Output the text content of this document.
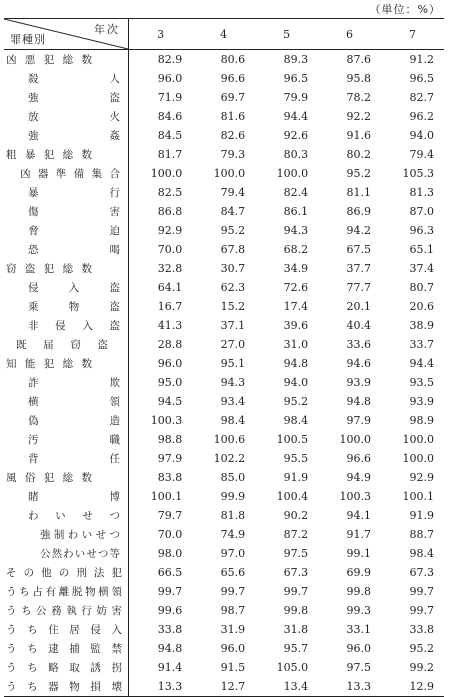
（単位：%）
年次
罪種別	3	4	5	6	7

凶 悪 犯 総 数	82.9	80.6	89.3	87.6	91.2

殺人	96.0	96.6	96.5	95.8	96.5

強盗	71.9	69.7	79.9	78.2	82.7

放火	84.6	81.6	94.4	92.2	96.2

強姦	84.5	82.6	92.6	91.6	94.0

粗 暴 犯 総 数	81.7	79.3	80.3	80.2	79.4

凶器準備集合	100.0	100.0	100.0	95.2	105.3

暴行	82.5	79.4	82.4	81.1	81.3

傷害	86.8	84.7	86.1	86.9	87.0

脅迫	92.9	95.2	94.3	94.2	96.3

恐喝	70.0	67.8	68.2	67.5	65.1

窃 盗 犯 総 数	32.8	30.7	34.9	37.7	37.4

侵入盗	64.1	62.3	72.6	77.7	80.7

乗物盗	16.7	15.2	17.4	20.1	20.6

非侵入盗	41.3	37.1	39.6	40.4	38.9

既届窃盗	28.8	27.0	31.0	33.6	33.7

知 能 犯 総 数	96.0	95.1	94.8	94.6	94.4

詐欺	95.0	94.3	94.0	93.9	93.5

横領	94.5	93.4	95.2	94.8	93.9

偽造	100.3	98.4	98.4	97.9	98.9

汚職	98.8	100.6	100.5	100.0	100.0

背任	97.9	102.2	95.5	96.6	100.0

風 俗 犯 総 数	83.8	85.0	91.9	94.9	92.9

賭博	100.1	99.9	100.4	100.3	100.1

わいせつ	79.7	81.8	90.2	94.1	91.9

強制わいせつ	70.0	74.9	87.2	91.7	88.7

公然わいせつ等	98.0	97.0	97.5	99.1	98.4

その他の刑法犯	66.5	65.6	67.3	69.9	67.3

うち占有離脱物横領	99.7	99.7	99.7	99.8	99.7

うち公務執行妨害	99.6	98.7	99.8	99.3	99.7

うち住居侵入	33.8	31.9	31.8	33.1	33.8

うち逮捕監禁	94.8	96.0	95.7	96.0	95.2

うち略取誘拐	91.4	91.5	105.0	97.5	99.2

うち器物損壊	13.3	12.7	13.4	13.3	12.9
